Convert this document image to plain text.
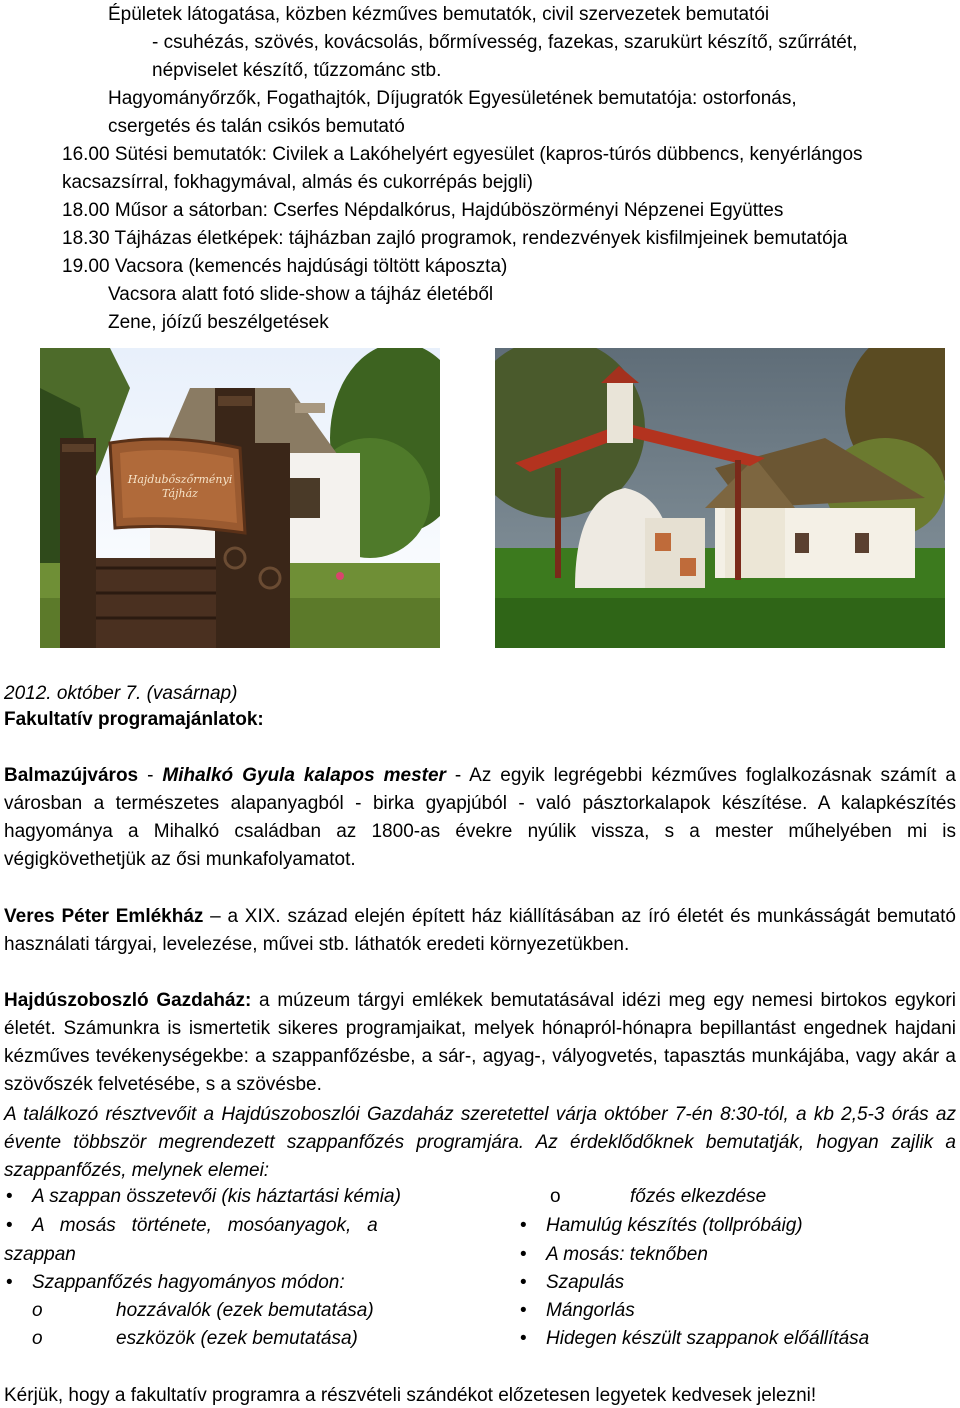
Épületek látogatása, közben kézműves bemutatók, civil szervezetek bemutatói
- csuhézás, szövés, kovácsolás, bőrmívesség, fazekas, szarukürt készítő, szűrrátét,
népviselet készítő, tűzzománc stb.
Hagyományőrzők, Fogathajtók, Díjugratók Egyesületének bemutatója: ostorfonás,
csergetés és talán csikós bemutató
16.00 Sütési bemutatók: Civilek a Lakóhelyért egyesület (kapros-túrós dübbencs, kenyérlángos
kacsazsírral, fokhagymával, almás és cukorrépás bejgli)
18.00 Műsor a sátorban: Cserfes Népdalkórus, Hajdúböszörményi Népzenei Együttes
18.30 Tájházas életképek: tájházban zajló programok, rendezvények kisfilmjeinek bemutatója
19.00 Vacsora (kemencés hajdúsági töltött káposzta)
Vacsora alatt fotó slide-show a tájház életéből
Zene, jóízű beszélgetések
Hajdubőszőrményi Tájház
2012. október 7. (vasárnap)
Fakultatív programajánlatok:
Balmazújváros - Mihalkó Gyula kalapos mester - Az egyik legrégebbi kézműves foglalkozásnak számít a városban a természetes alapanyagból - birka gyapjúból - való pásztorkalapok készítése. A kalapkészítés hagyománya a Mihalkó családban az 1800-as évekre nyúlik vissza, s a mester műhelyében mi is végigkövethetjük az ősi munkafolyamatot.
Veres Péter Emlékház – a XIX. század elején épített ház kiállításában az író életét és munkásságát bemutató használati tárgyai, levelezése, művei stb. láthatók eredeti környezetükben.
Hajdúszoboszló Gazdaház: a múzeum tárgyi emlékek bemutatásával idézi meg egy nemesi birtokos egykori életét. Számunkra is ismertetik sikeres programjaikat, melyek hónapról-hónapra bepillantást engednek hajdani kézműves tevékenységekbe: a szappanfőzésbe, a sár-, agyag-, vályogvetés, tapasztás munkájába, vagy akár a szövőszék felvetésébe, s a szövésbe.
A találkozó résztvevőit a Hajdúszoboszlói Gazdaház szeretettel várja október 7-én 8:30-tól, a kb 2,5-3 órás az évente többször megrendezett szappanfőzés programjára. Az érdeklődőknek bemutatják, hogyan zajlik a szappanfőzés, melynek elemei:
• A szappan összetevői (kis háztartási kémia)
• A   mosás   története,   mosóanyagok,   a
szappan
• Szappanfőzés hagyományos módon:
o	hozzávalók (ezek bemutatása)
o	eszközök (ezek bemutatása)
o	főzés elkezdése
• Hamulúg készítés (tollpróbáig)
• A mosás: teknőben
• Szapulás
• Mángorlás
• Hidegen készült szappanok előállítása
Kérjük, hogy a fakultatív programra a részvételi szándékot előzetesen legyetek kedvesek jelezni!
